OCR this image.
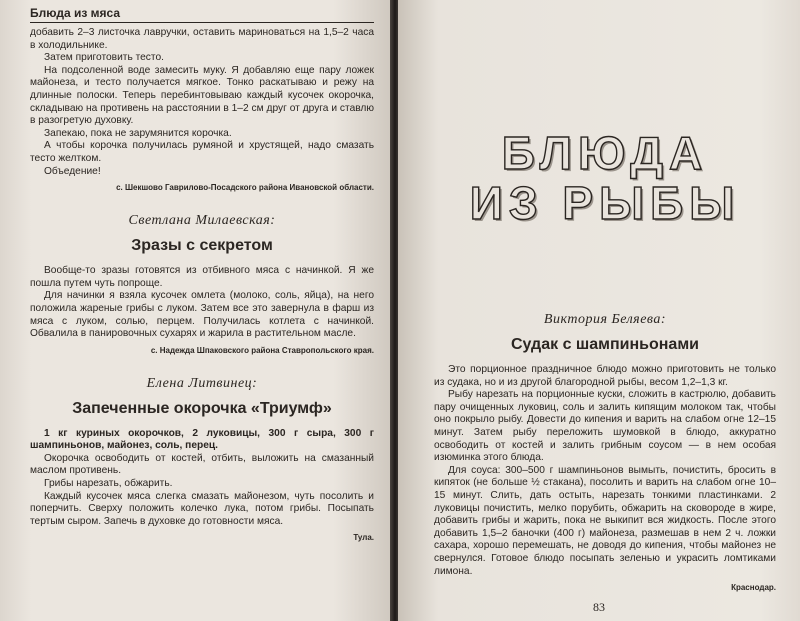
Блюда из мяса

добавить 2–3 листочка лавручки, оставить мариноваться на 1,5–2 часа в холодильнике.

Затем приготовить тесто.

На подсоленной воде замесить муку. Я добавляю еще пару ложек майонеза, и тесто получается мягкое. Тонко раскатываю и режу на длинные полоски. Теперь перебинтовываю каждый кусочек окорочка, складываю на противень на расстоянии в 1–2 см друг от друга и ставлю в разогретую духовку.

Запекаю, пока не зарумянится корочка.

А чтобы корочка получилась румяной и хрустящей, надо смазать тесто желтком.

Объедение!

с. Шекшово Гаврилово-Посадского района Ивановской области.
Светлана Милаевская:
Зразы с секретом

Вообще-то зразы готовятся из отбивного мяса с начинкой. Я же пошла путем чуть попроще.

Для начинки я взяла кусочек омлета (молоко, соль, яйца), на него положила жареные грибы с луком. Затем все это завернула в фарш из мяса с луком, солью, перцем. Получилась котлета с начинкой. Обвалила в панировочных сухарях и жарила в растительном масле.

с. Надежда Шпаковского района Ставропольского края.
Елена Литвинец:
Запеченные окорочка «Триумф»

1 кг куриных окорочков, 2 луковицы, 300 г сыра, 300 г шампиньонов, майонез, соль, перец.

Окорочка освободить от костей, отбить, выложить на смазанный маслом противень.

Грибы нарезать, обжарить.

Каждый кусочек мяса слегка смазать майонезом, чуть посолить и поперчить. Сверху положить колечко лука, потом грибы. Посыпать тертым сыром. Запечь в духовке до готовности мяса.

Тула.
БЛЮДА
ИЗ РЫБЫ
Виктория Беляева:
Судак с шампиньонами

Это порционное праздничное блюдо можно приготовить не только из судака, но и из другой благородной рыбы, весом 1,2–1,3 кг.

Рыбу нарезать на порционные куски, сложить в кастрюлю, добавить пару очищенных луковиц, соль и залить кипящим молоком так, чтобы оно покрыло рыбу. Довести до кипения и варить на слабом огне 12–15 минут. Затем рыбу переложить шумовкой в блюдо, аккуратно освободить от костей и залить грибным соусом — в нем особая изюминка этого блюда.

Для соуса: 300–500 г шампиньонов вымыть, почистить, бросить в кипяток (не больше ½ стакана), посолить и варить на слабом огне 10–15 минут. Слить, дать остыть, нарезать тонкими пластинками. 2 луковицы почистить, мелко порубить, обжарить на сковороде в жире, добавить грибы и жарить, пока не выкипит вся жидкость. После этого добавить 1,5–2 баночки (400 г) майонеза, размешав в нем 2 ч. ложки сахара, хорошо перемешать, не доводя до кипения, чтобы майонез не свернулся. Готовое блюдо посыпать зеленью и украсить ломтиками лимона.

Краснодар.
83
